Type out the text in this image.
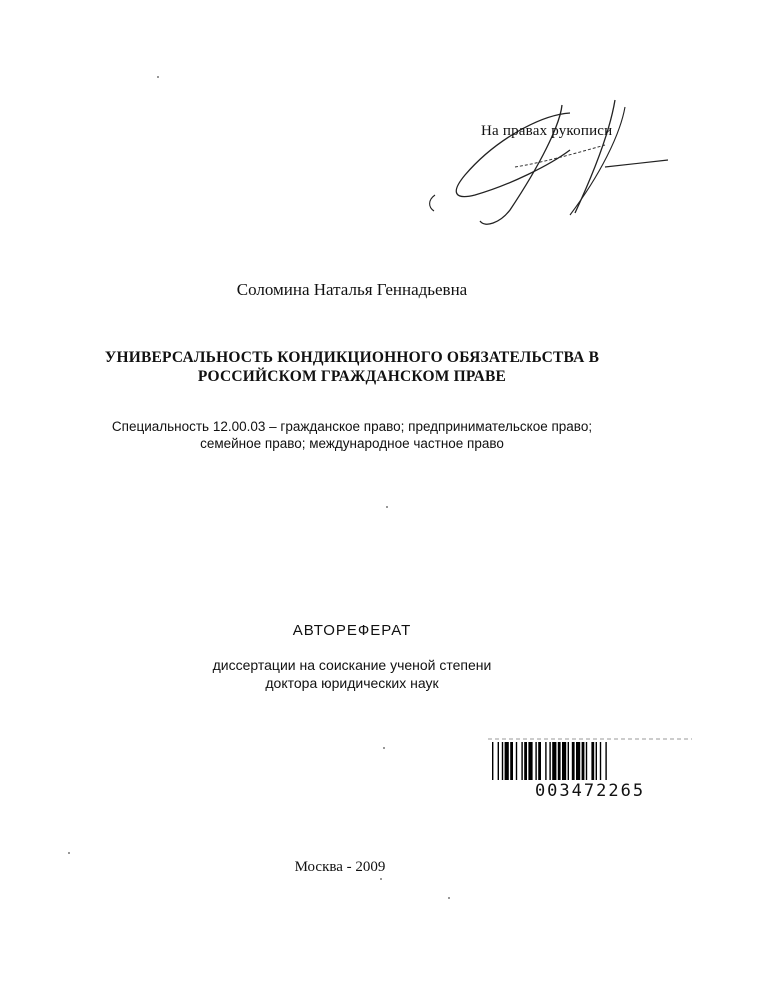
На правах рукописи
Соломина Наталья Геннадьевна
УНИВЕРСАЛЬНОСТЬ КОНДИКЦИОННОГО ОБЯЗАТЕЛЬСТВА В
РОССИЙСКОМ ГРАЖДАНСКОМ ПРАВЕ
Специальность 12.00.03 – гражданское право; предпринимательское право;
семейное право; международное частное право
АВТОРЕФЕРАТ
диссертации на соискание ученой степени
доктора юридических наук
003472265
Москва - 2009
